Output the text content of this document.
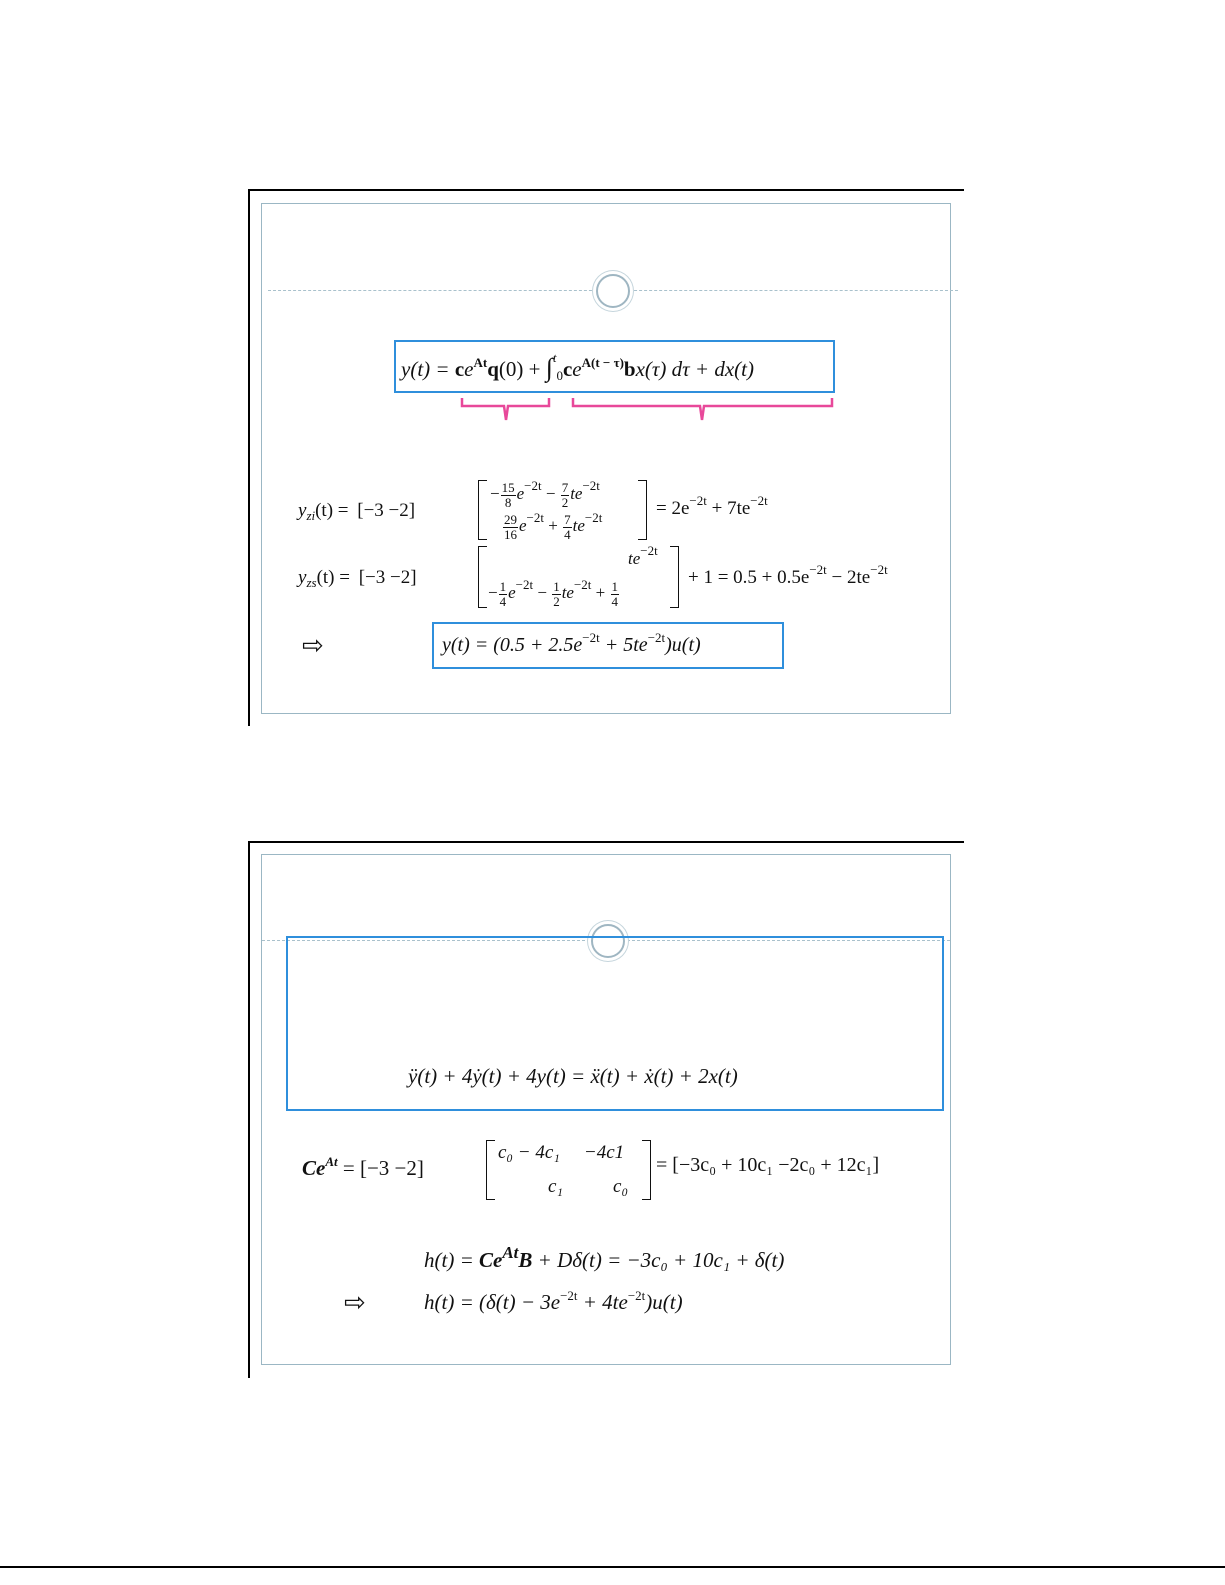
$y(t) = ce^{At}q(0) + \int^t_0ce^{A(t - \tau)}bx(\tau) d\tau + dx(t)$
$y_{zi}(t) = [-3 -2]$
− $\frac{15}{8} e^{-2t} - \frac{7}{2} te^{-2t}$
$\frac{29}{16} e^{-2t} + \frac{7}{4} te^{-2t}$	= $2e^{-2t} + 7te^{-2t}$
$y_{zs}(t) = [-3 -2]$
$te^{-2t}$
− $\frac{1}{4} e^{-2t} - \frac{1}{2} te^{-2t} + \frac{1}{4}$
+ $1 = 0.5 + 0.5e^{-2t} - 2te^{-2t}$
⇨	$y(t) = (0.5 + 2.5e^{-2t} + 5te^{-2t})u(t)$
ÿ(t) + 4ẏ(t) + 4y(t) = ẍ(t) + ẋ(t) + 2x(t)
$Ce^{At} = [-3 -2]$
c₀ − 4c₁ −4c1
c₁	c₀
= [−3c₀ + 10c₁ −2c₀ + 12c₁]
$h(t) = Ce^{At}B + D\delta(t) = -3c_0 + 10c_1 + \delta(t)$
⇨	$h(t) = (\delta(t) - 3e^{-2t} + 4te^{-2t})u(t)$
